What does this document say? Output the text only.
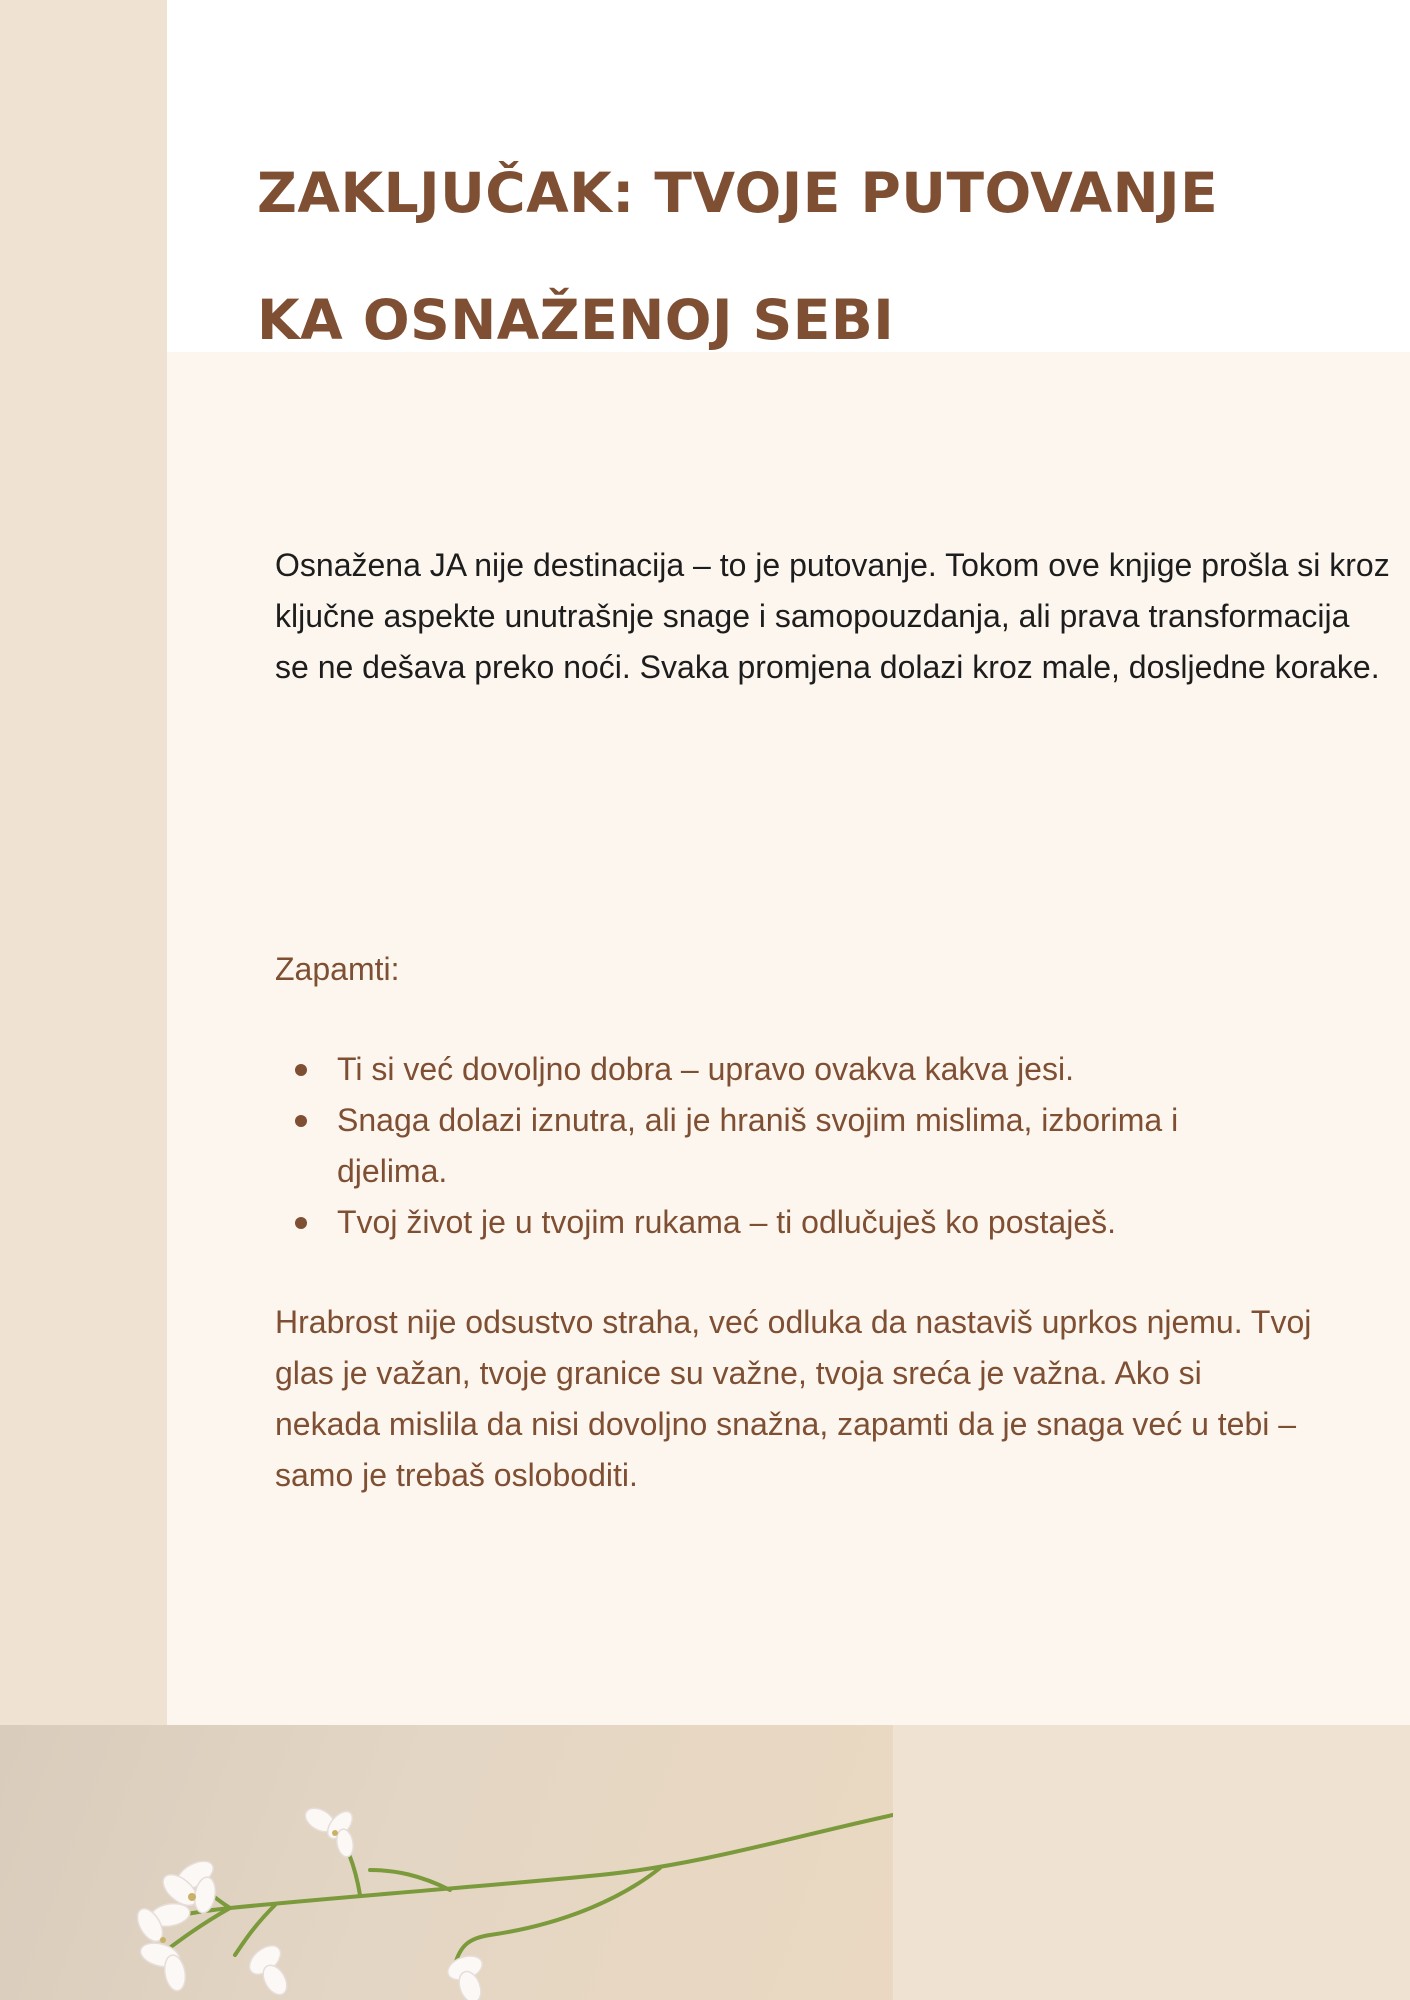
ZAKLJUČAK: TVOJE PUTOVANJE
KA OSNAŽENOJ SEBI

Osnažena JA nije destinacija – to je putovanje. Tokom ove knjige prošla si kroz ključne aspekte unutrašnje snage i samopouzdanja, ali prava transformacija se ne dešava preko noći. Svaka promjena dolazi kroz male, dosljedne korake.

Zapamti:

Ti si već dovoljno dobra – upravo ovakva kakva jesi.
Snaga dolazi iznutra, ali je hraniš svojim mislima, izborima i djelima.
Tvoj život je u tvojim rukama – ti odlučuješ ko postaješ.

Hrabrost nije odsustvo straha, već odluka da nastaviš uprkos njemu. Tvoj glas je važan, tvoje granice su važne, tvoja sreća je važna. Ako si nekada mislila da nisi dovoljno snažna, zapamti da je snaga već u tebi – samo je trebaš osloboditi.
